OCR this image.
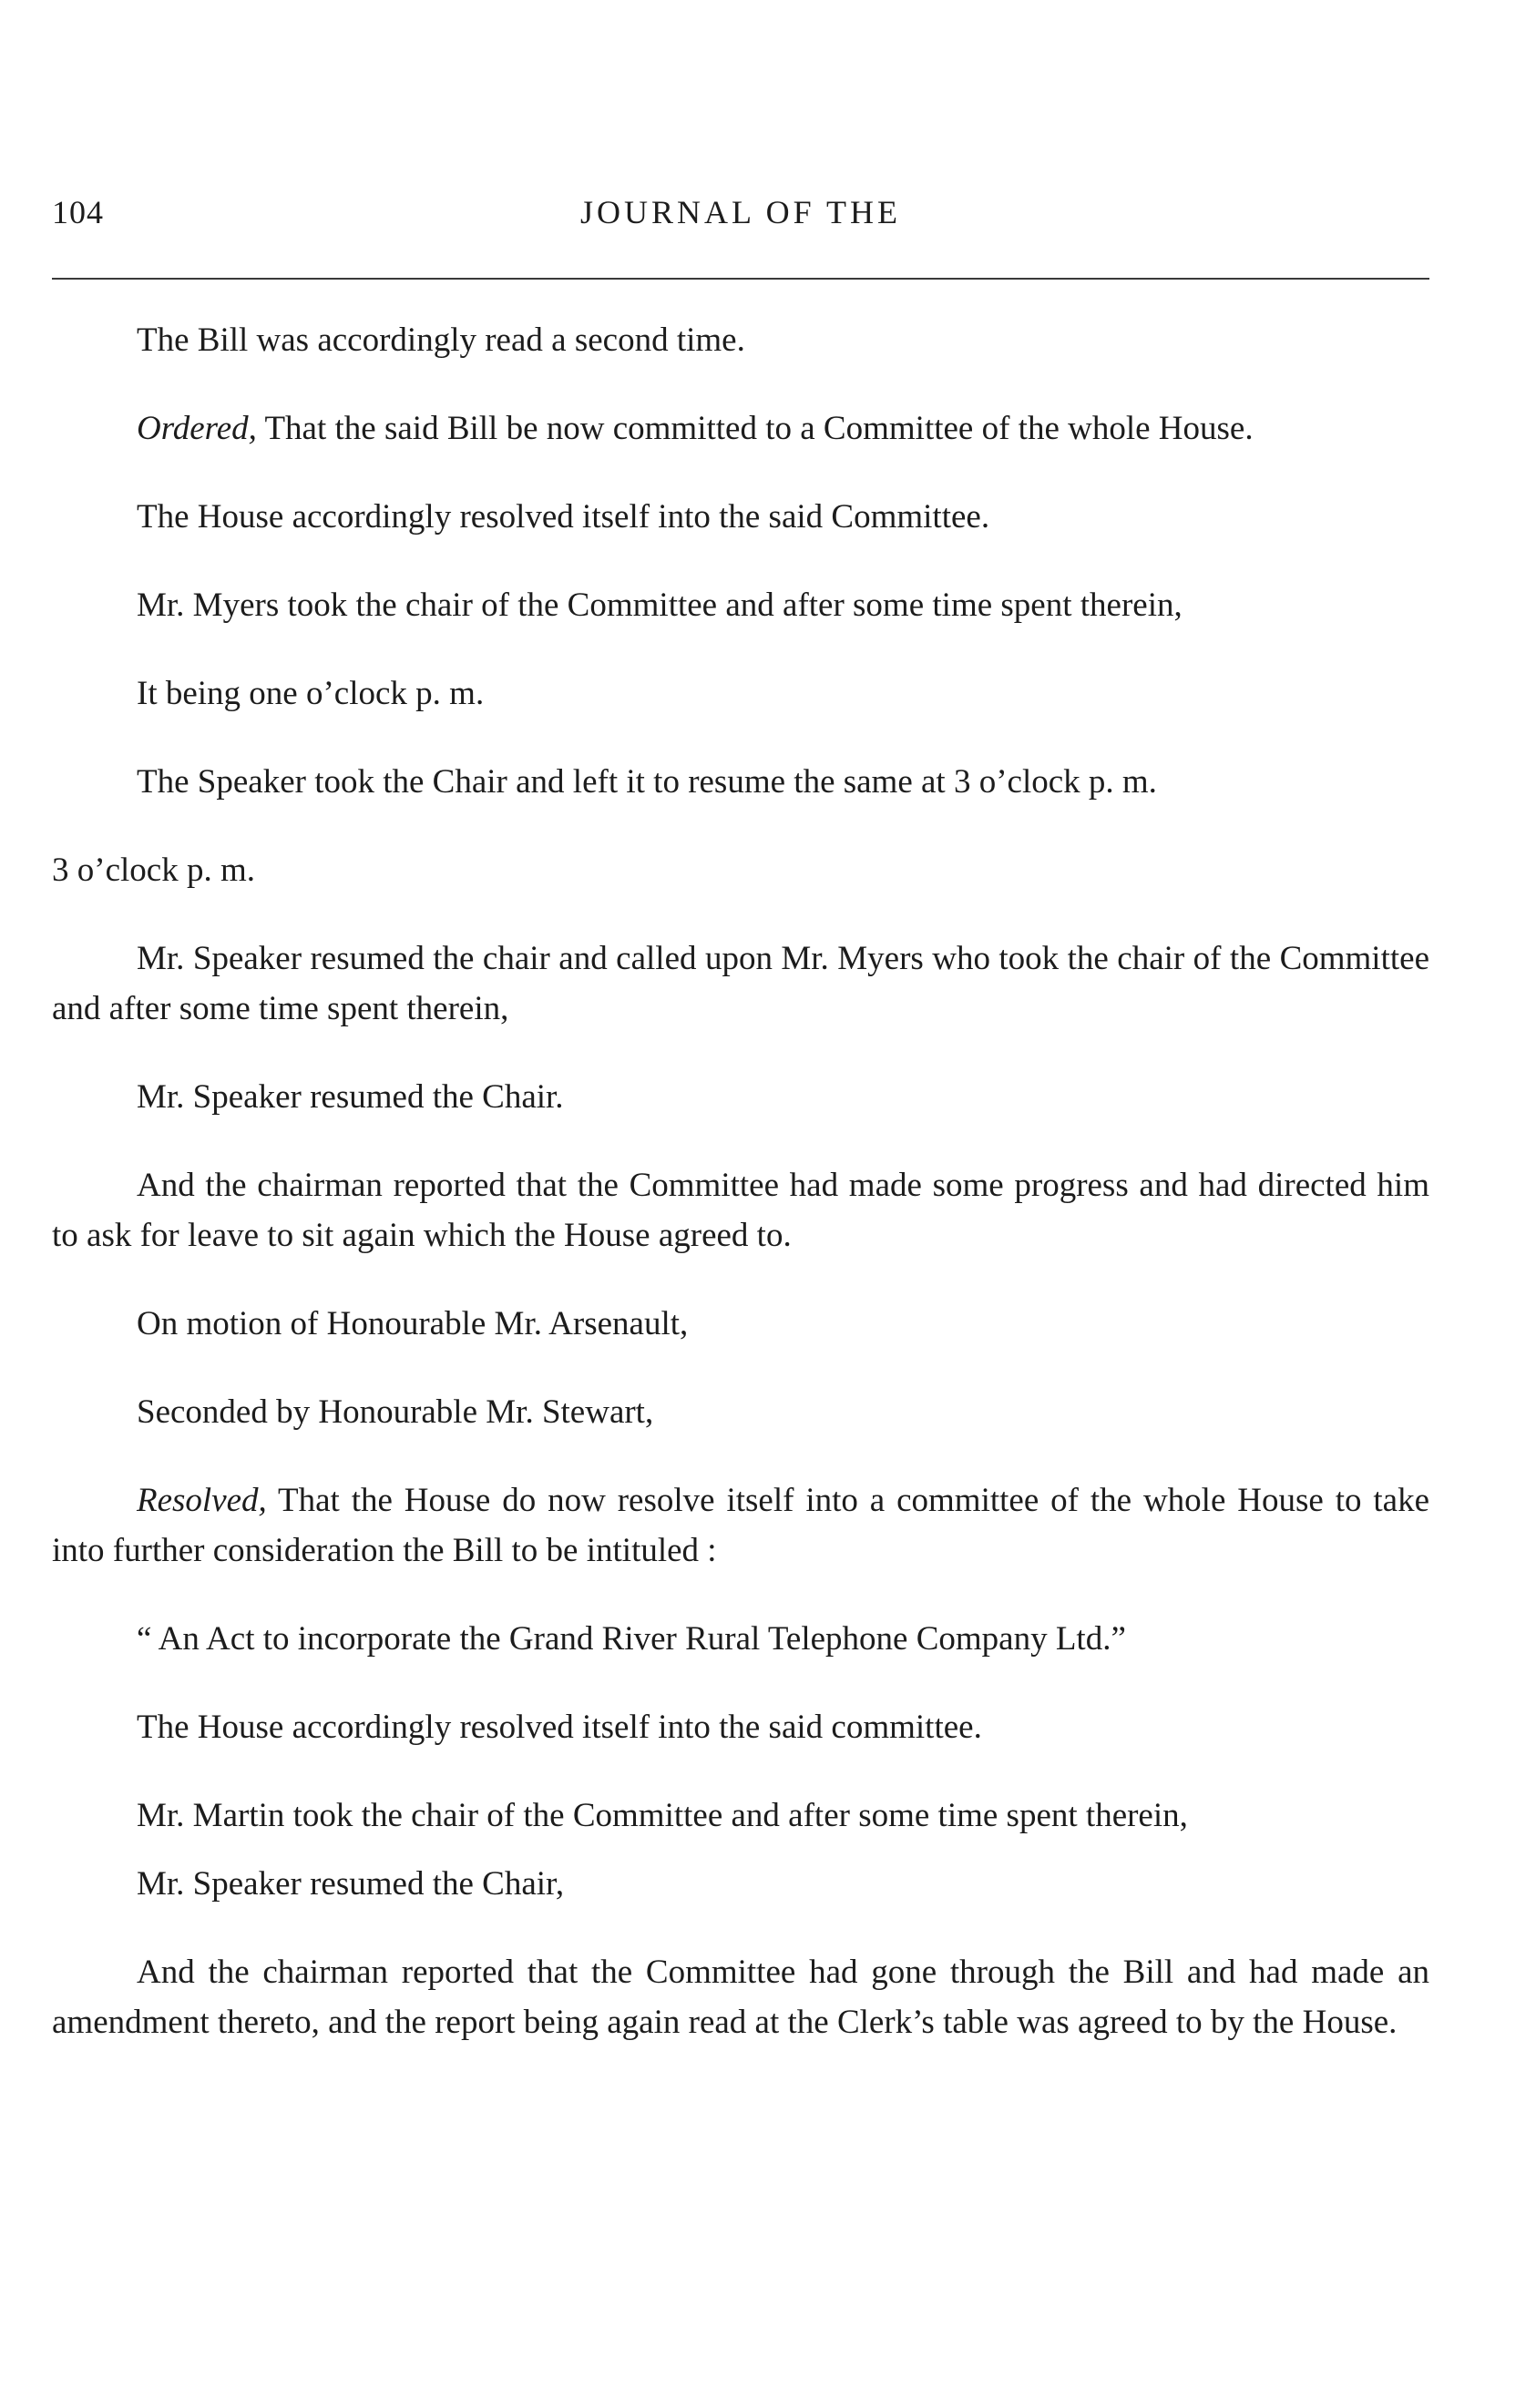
104	JOURNAL OF THE

The Bill was accordingly read a second time.

Ordered, That the said Bill be now committed to a Committee of the whole House.

The House accordingly resolved itself into the said Committee.

Mr. Myers took the chair of the Committee and after some time spent therein,

It being one o’clock p. m.

The Speaker took the Chair and left it to resume the same at 3 o’clock p. m.

3 o’clock p. m.

Mr. Speaker resumed the chair and called upon Mr. Myers who took the chair of the Committee and after some time spent therein,

Mr. Speaker resumed the Chair.

And the chairman reported that the Committee had made some progress and had directed him to ask for leave to sit again which the House agreed to.

On motion of Honourable Mr. Arsenault,

Seconded by Honourable Mr. Stewart,

Resolved, That the House do now resolve itself into a committee of the whole House to take into further consideration the Bill to be intituled :

“ An Act to incorporate the Grand River Rural Telephone Company Ltd.”

The House accordingly resolved itself into the said committee.

Mr. Martin took the chair of the Committee and after some time spent therein,

Mr. Speaker resumed the Chair,

And the chairman reported that the Committee had gone through the Bill and had made an amendment thereto, and the report being again read at the Clerk’s table was agreed to by the House.
